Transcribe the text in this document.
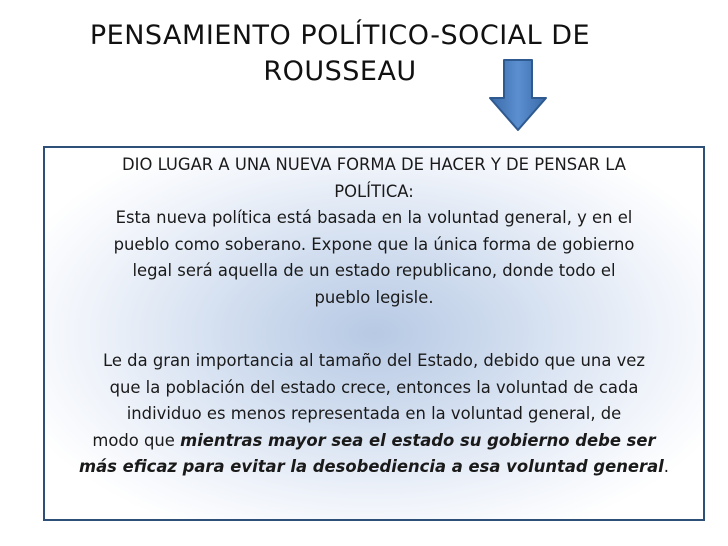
PENSAMIENTO POLÍTICO-SOCIAL DE
ROUSSEAU

DIO LUGAR A UNA NUEVA FORMA DE HACER Y DE PENSAR LA
POLÍTICA:
Esta nueva política está basada en la voluntad general, y en el
pueblo como soberano. Expone que la única forma de gobierno
legal será aquella de un estado republicano, donde todo el
pueblo legisle.

Le da gran importancia al tamaño del Estado, debido que una vez
que la población del estado crece, entonces la voluntad de cada
individuo es menos representada en la voluntad general, de
modo que mientras mayor sea el estado su gobierno debe ser
más eficaz para evitar la desobediencia a esa voluntad general.
